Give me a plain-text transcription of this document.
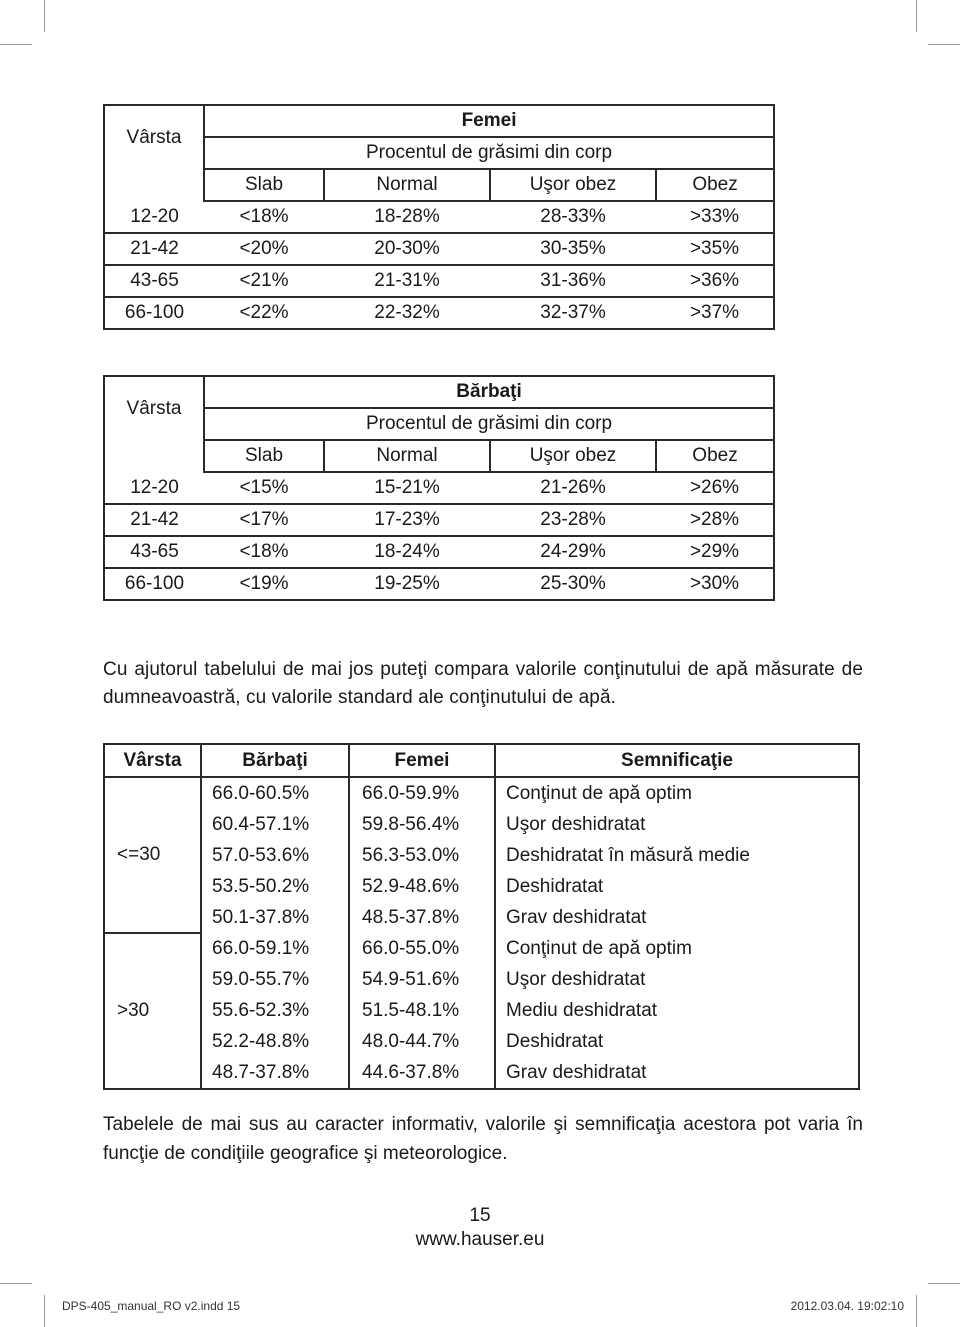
Vârsta	Femei			
	Procentul de grăsimi din corp			
	Slab	Normal	Uşor obez	Obez
12-20	<18%	18-28%	28-33%	>33%
21-42	<20%	20-30%	30-35%	>35%
43-65	<21%	21-31%	31-36%	>36%
66-100	<22%	22-32%	32-37%	>37%
Vârsta	Bărbaţi			
	Procentul de grăsimi din corp			
	Slab	Normal	Uşor obez	Obez
12-20	<15%	15-21%	21-26%	>26%
21-42	<17%	17-23%	23-28%	>28%
43-65	<18%	18-24%	24-29%	>29%
66-100	<19%	19-25%	25-30%	>30%
Cu ajutorul tabelului de mai jos puteţi compara valorile conţinutului de apă măsurate de dumneavoastră, cu valorile standard ale conţinutului de apă.
Vârsta	Bărbaţi	Femei	Semnificaţie
<=30	66.0-60.5%	66.0-59.9%	Conţinut de apă optim
	60.4-57.1%	59.8-56.4%	Uşor deshidratat
	57.0-53.6%	56.3-53.0%	Deshidratat în măsură medie
	53.5-50.2%	52.9-48.6%	Deshidratat
	50.1-37.8%	48.5-37.8%	Grav deshidratat
>30	66.0-59.1%	66.0-55.0%	Conţinut de apă optim
	59.0-55.7%	54.9-51.6%	Uşor deshidratat
	55.6-52.3%	51.5-48.1%	Mediu deshidratat
	52.2-48.8%	48.0-44.7%	Deshidratat
	48.7-37.8%	44.6-37.8%	Grav deshidratat
Tabelele de mai sus au caracter informativ, valorile şi semnificaţia acestora pot varia în funcţie de condiţiile geografice şi meteorologice.
15
www.hauser.eu
DPS-405_manual_RO v2.indd 15	2012.03.04. 19:02:10
